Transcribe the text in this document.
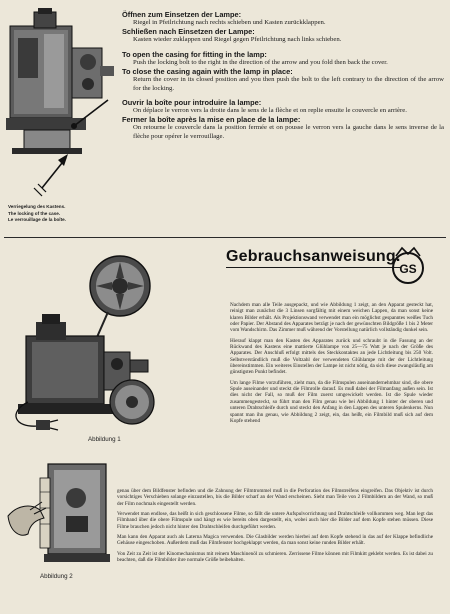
Verriegelung des Kastens.
The locking of the case.
Le verrouillage de la boîte.
Öffnen zum Einsetzen der Lampe:
Riegel in Pfeilrichtung nach rechts schieben und Kasten zurückklappen.
Schließen nach Einsetzen der Lampe:
Kasten wieder zuklappen und Riegel gegen Pfeilrichtung nach links schieben.
To open the casing for fitting in the lamp:
Push the locking bolt to the right in the direction of the arrow and you fold then back the cover.
To close the casing again with the lamp in place:
Return the cover in its closed position and you then push the bolt to the left contrary to the direction of the arrow for the locking.
Ouvrir la boîte pour introduire la lampe:
On déplace le verron vers la droite dans le sens de la flèche et on replie ensuite le couvercle en arrière.
Fermer la boîte après la mise en place de la lampe:
On retourne le couvercle dans la position fermée et on pousse le verron vers la gauche dans le sens inverse de la flèche pour opérer le verrouillage.
Abbildung 1
Abbildung 2
Gebrauchsanweisung.
GS
Nachdem man alle Teile ausgepackt, und wie Abbildung 1 zeigt, an den Apparat gesteckt hat, reinigt man zunächst die 3 Linsen sorgfältig mit einem weichen Lappen, da man sonst keine klaren Bilder erhält. Als Projektionswand verwendet man ein möglichst gespanntes weißes Tuch oder Papier. Der Abstand des Apparates beträgt je nach der gewünschten Bildgröße 1 bis 2 Meter vom Wandschirm. Das Zimmer muß während der Vorstellung natürlich vollständig dunkel sein.
Hierauf klappt man den Kasten des Apparates zurück und schraubt in die Fassung an der Rückwand des Kastens eine mattierte Glühlampe von 25—75 Watt je nach der Größe des Apparates. Der Anschluß erfolgt mittels des Steckkontaktes an jede Lichtleitung bis 250 Volt. Selbstverständlich muß die Voltzahl der verwendeten Glühlampe mit der der Lichtleitung übereinstimmen. Ein weiteres Einstellen der Lampe ist nicht nötig, da sich diese zwangsläufig am günstigsten Punkt befindet.
Um lange Filme vorzuführen, zieht man, da die Filmspulen auseinandernehmbar sind, die obere Spule auseinander und steckt die Filmrolle darauf. Es muß dabei der Filmanfang außen sein. Ist dies nicht der Fall, so muß der Film zuerst umgewickelt werden. Ist die Spule wieder zusammengesteckt, so führt man den Film genau wie bei Abbildung 1 hinter der oberen und unteren Drahtschleife durch und steckt den Anfang in den Lappen des unteren Spulenkerns. Nun spannt man ihn genau, wie Abbildung 2 zeigt, ein, das heißt, ein Filmbild muß sich auf dem Kopfe stehend
genau über dem Bildfenster befinden und die Zahnung der Filmtrommel muß in die Perforation des Filmstreifens eingreifen. Das Objektiv ist durch vorsichtiges Verschieben solange einzustellen, bis die Bilder scharf an der Wand erscheinen. Sieht man Teile von 2 Filmbildern an der Wand, so muß der Film nochmals eingestellt werden.
Verwendet man endlose, das heißt in sich geschlossene Filme, so fällt die untere Aufspulvorrichtung und Drahtschleife vollkommen weg. Man legt das Filmband über die obere Filmspule und hängt es wie bereits oben dargestellt, ein, wobei auch hier die Bilder auf dem Kopfe stehen müssen. Diese Filme brauchen jedoch nicht hinter den Drahtschleifen durchgeführt werden.
Man kann den Apparat auch als Laterna Magica verwenden. Die Glasbilder werden hierbei auf dem Kopfe stehend in das auf der Klappe befindliche Gehäuse eingeschoben. Außerdem muß das Filmfenster hochgeklappt werden, da man sonst keine runden Bilder erhält.
Von Zeit zu Zeit ist der Kinomechanismus mit reinem Maschinenöl zu schmieren. Zerrissene Filme können mit Filmkitt geklebt werden. Es ist dabei zu beachten, daß die Filmbilder ihre normale Größe beibehalten.
